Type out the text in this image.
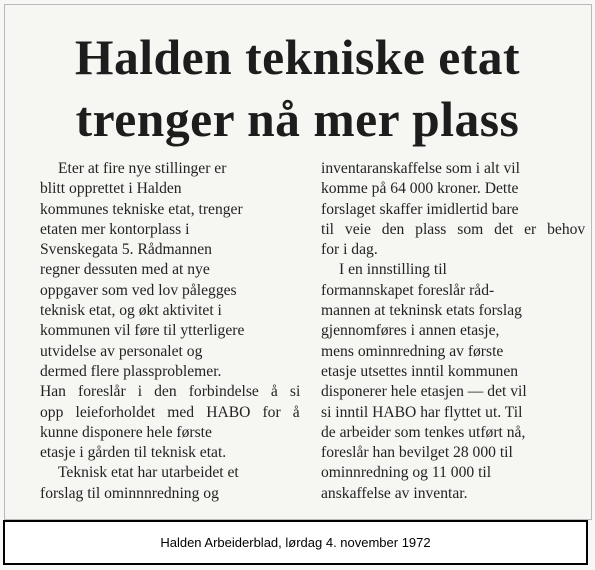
Halden tekniske etat
trenger nå mer plass
Eter at fire nye stillinger er
blitt opprettet i Halden
kommunes tekniske etat, trenger
etaten mer kontorplass i
Svenskegata 5. Rådmannen
regner dessuten med at nye
oppgaver som ved lov pålegges
teknisk etat, og økt aktivitet i
kommunen vil føre til ytterligere
utvidelse av personalet og
dermed flere plassproblemer.
Han foreslår i den forbindelse å si
opp leieforholdet med HABO for å
kunne disponere hele første
etasje i gården til teknisk etat.
Teknisk etat har utarbeidet et
forslag til ominnnredning og
inventaranskaffelse som i alt vil
komme på 64 000 kroner. Dette
forslaget skaffer imidlertid bare
til veie den plass som det er behov
for i dag.
I en innstilling til
formannskapet foreslår råd-
mannen at tekninsk etats forslag
gjennomføres i annen etasje,
mens ominnredning av første
etasje utsettes inntil kommunen
disponerer hele etasjen — det vil
si inntil HABO har flyttet ut. Til
de arbeider som tenkes utført nå,
foreslår han bevilget 28 000 til
ominnredning og 11 000 til
anskaffelse av inventar.
Halden Arbeiderblad, lørdag 4. november 1972
